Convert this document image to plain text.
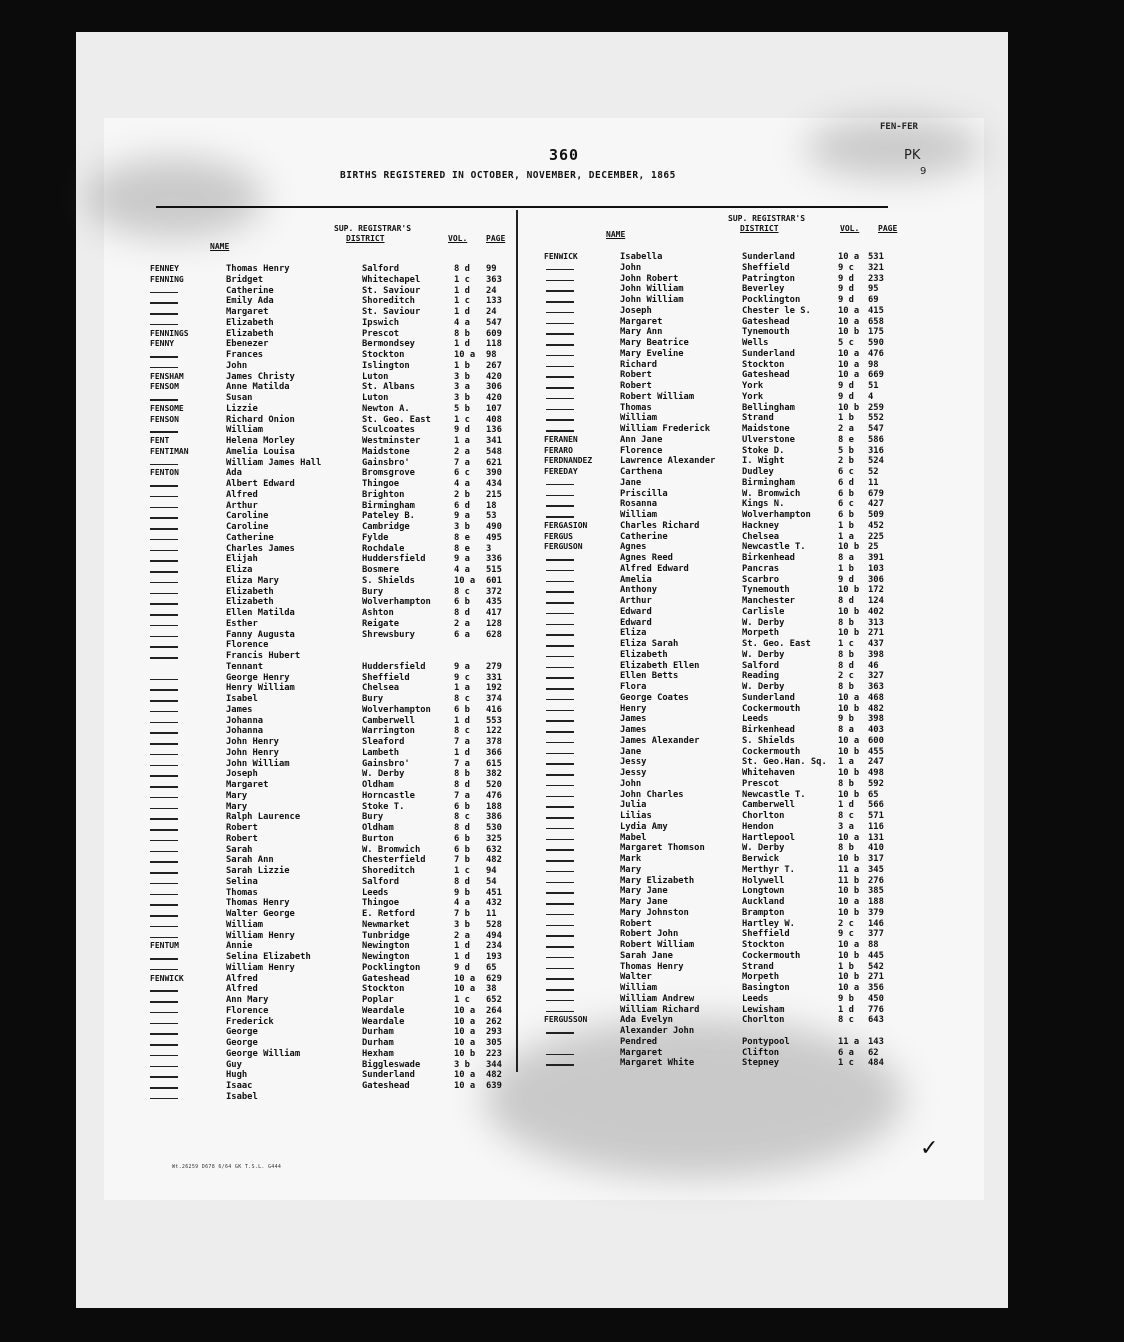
FEN-FER
PK
9
360
BIRTHS REGISTERED IN OCTOBER, NOVEMBER, DECEMBER, 1865
NAME
SUP. REGISTRAR'S
DISTRICT	VOL. PAGE
FENNEY	Thomas Henry	Salford	8 d 99
FENNING	Bridget	Whitechapel	1 c 363
Catherine	St. Saviour	1 d 24
Emily Ada	Shoreditch	1 c 133
Margaret	St. Saviour	1 d 24
Elizabeth	Ipswich	4 a 547
FENNINGS	Elizabeth	Prescot	8 b 609
FENNY	Ebenezer	Bermondsey	1 d 118
Frances	Stockton	10 a 98
John	Islington	1 b 267
FENSHAM	James Christy	Luton	3 b 420
FENSOM	Anne Matilda	St. Albans	3 a 306
Susan	Luton	3 b 420
FENSOME	Lizzie	Newton A.	5 b 107
FENSON	Richard Onion	St. Geo. East	1 c 408
William	Sculcoates	9 d 136
FENT	Helena Morley	Westminster	1 a 341
FENTIMAN	Amelia Louisa	Maidstone	2 a 548
William James Hall	Gainsbro'	7 a 621
FENTON	Ada	Bromsgrove	6 c 390
Albert Edward	Thingoe	4 a 434
Alfred	Brighton	2 b 215
Arthur	Birmingham	6 d 18
Caroline	Pateley B.	9 a 53
Caroline	Cambridge	3 b 490
Catherine	Fylde	8 e 495
Charles James	Rochdale	8 e 3
Elijah	Huddersfield	9 a 336
Eliza	Bosmere	4 a 515
Eliza Mary	S. Shields	10 a 601
Elizabeth	Bury	8 c 372
Elizabeth	Wolverhampton	6 b 435
Ellen Matilda	Ashton	8 d 417
Esther	Reigate	2 a 128
Fanny Augusta	Shrewsbury	6 a 628
Florence
Francis Hubert
Tennant	Huddersfield	9 a 279
George Henry	Sheffield	9 c 331
Henry William	Chelsea	1 a 192
Isabel	Bury	8 c 374
James	Wolverhampton	6 b 416
Johanna	Camberwell	1 d 553
Johanna	Warrington	8 c 122
John Henry	Sleaford	7 a 378
John Henry	Lambeth	1 d 366
John William	Gainsbro'	7 a 615
Joseph	W. Derby	8 b 382
Margaret	Oldham	8 d 520
Mary	Horncastle	7 a 476
Mary	Stoke T.	6 b 188
Ralph Laurence	Bury	8 c 386
Robert	Oldham	8 d 530
Robert	Burton	6 b 325
Sarah	W. Bromwich	6 b 632
Sarah Ann	Chesterfield	7 b 482
Sarah Lizzie	Shoreditch	1 c 94
Selina	Salford	8 d 54
Thomas	Leeds	9 b 451
Thomas Henry	Thingoe	4 a 432
Walter George	E. Retford	7 b 11
William	Newmarket	3 b 528
William Henry	Tunbridge	2 a 494
FENTUM	Annie	Newington	1 d 234
Selina Elizabeth	Newington	1 d 193
William Henry	Pocklington	9 d 65
FENWICK	Alfred	Gateshead	10 a 629
Alfred	Stockton	10 a 38
Ann Mary	Poplar	1 c 652
Florence	Weardale	10 a 264
Frederick	Weardale	10 a 262
George	Durham	10 a 293
George	Durham	10 a 305
George William	Hexham	10 b 223
Guy	Biggleswade	3 b 344
Hugh	Sunderland	10 a 482
Isaac	Gateshead	10 a 639
Isabel
NAME
SUP. REGISTRAR'S
DISTRICT	VOL. PAGE
FENWICK	Isabella	Sunderland	10 a 531
John	Sheffield	9 c 321
John Robert	Patrington	9 d 233
John William	Beverley	9 d 95
John William	Pocklington	9 d 69
Joseph	Chester le S.	10 a 415
Margaret	Gateshead	10 a 658
Mary Ann	Tynemouth	10 b 175
Mary Beatrice	Wells	5 c 590
Mary Eveline	Sunderland	10 a 476
Richard	Stockton	10 a 98
Robert	Gateshead	10 a 669
Robert	York	9 d 51
Robert William	York	9 d 4
Thomas	Bellingham	10 b 259
William	Strand	1 b 552
William Frederick	Maidstone	2 a 547
FERANEN	Ann Jane	Ulverstone	8 e 586
FERARO	Florence	Stoke D.	5 b 316
FERDNANDEZ	Lawrence Alexander	I. Wight	2 b 524
FEREDAY	Carthena	Dudley	6 c 52
Jane	Birmingham	6 d 11
Priscilla	W. Bromwich	6 b 679
Rosanna	Kings N.	6 c 427
William	Wolverhampton	6 b 509
FERGASION	Charles Richard	Hackney	1 b 452
FERGUS	Catherine	Chelsea	1 a 225
FERGUSON	Agnes	Newcastle T.	10 b 25
Agnes Reed	Birkenhead	8 a 391
Alfred Edward	Pancras	1 b 103
Amelia	Scarbro	9 d 306
Anthony	Tynemouth	10 b 172
Arthur	Manchester	8 d 124
Edward	Carlisle	10 b 402
Edward	W. Derby	8 b 313
Eliza	Morpeth	10 b 271
Eliza Sarah	St. Geo. East	1 c 437
Elizabeth	W. Derby	8 b 398
Elizabeth Ellen	Salford	8 d 46
Ellen Betts	Reading	2 c 327
Flora	W. Derby	8 b 363
George Coates	Sunderland	10 a 468
Henry	Cockermouth	10 b 482
James	Leeds	9 b 398
James	Birkenhead	8 a 403
James Alexander	S. Shields	10 a 600
Jane	Cockermouth	10 b 455
Jessy	St. Geo.Han. Sq. 1 a 247
Jessy	Whitehaven	10 b 498
John	Prescot	8 b 592
John Charles	Newcastle T.	10 b 65
Julia	Camberwell	1 d 566
Lilias	Chorlton	8 c 571
Lydia Amy	Hendon	3 a 116
Mabel	Hartlepool	10 a 131
Margaret Thomson	W. Derby	8 b 410
Mark	Berwick	10 b 317
Mary	Merthyr T.	11 a 345
Mary Elizabeth	Holywell	11 b 276
Mary Jane	Longtown	10 b 385
Mary Jane	Auckland	10 a 188
Mary Johnston	Brampton	10 b 379
Robert	Hartley W.	2 c 146
Robert John	Sheffield	9 c 377
Robert William	Stockton	10 a 88
Sarah Jane	Cockermouth	10 b 445
Thomas Henry	Strand	1 b 542
Walter	Morpeth	10 b 271
William	Basington	10 a 356
William Andrew	Leeds	9 b 450
William Richard	Lewisham	1 d 776
FERGUSSON	Ada Evelyn	Chorlton	8 c 643
Alexander John
Pendred	Pontypool	11 a 143
Margaret	Clifton	6 a 62
Margaret White	Stepney	1 c 484
Wt.26259 D678 6/64 GK T.S.L. G444
✓
